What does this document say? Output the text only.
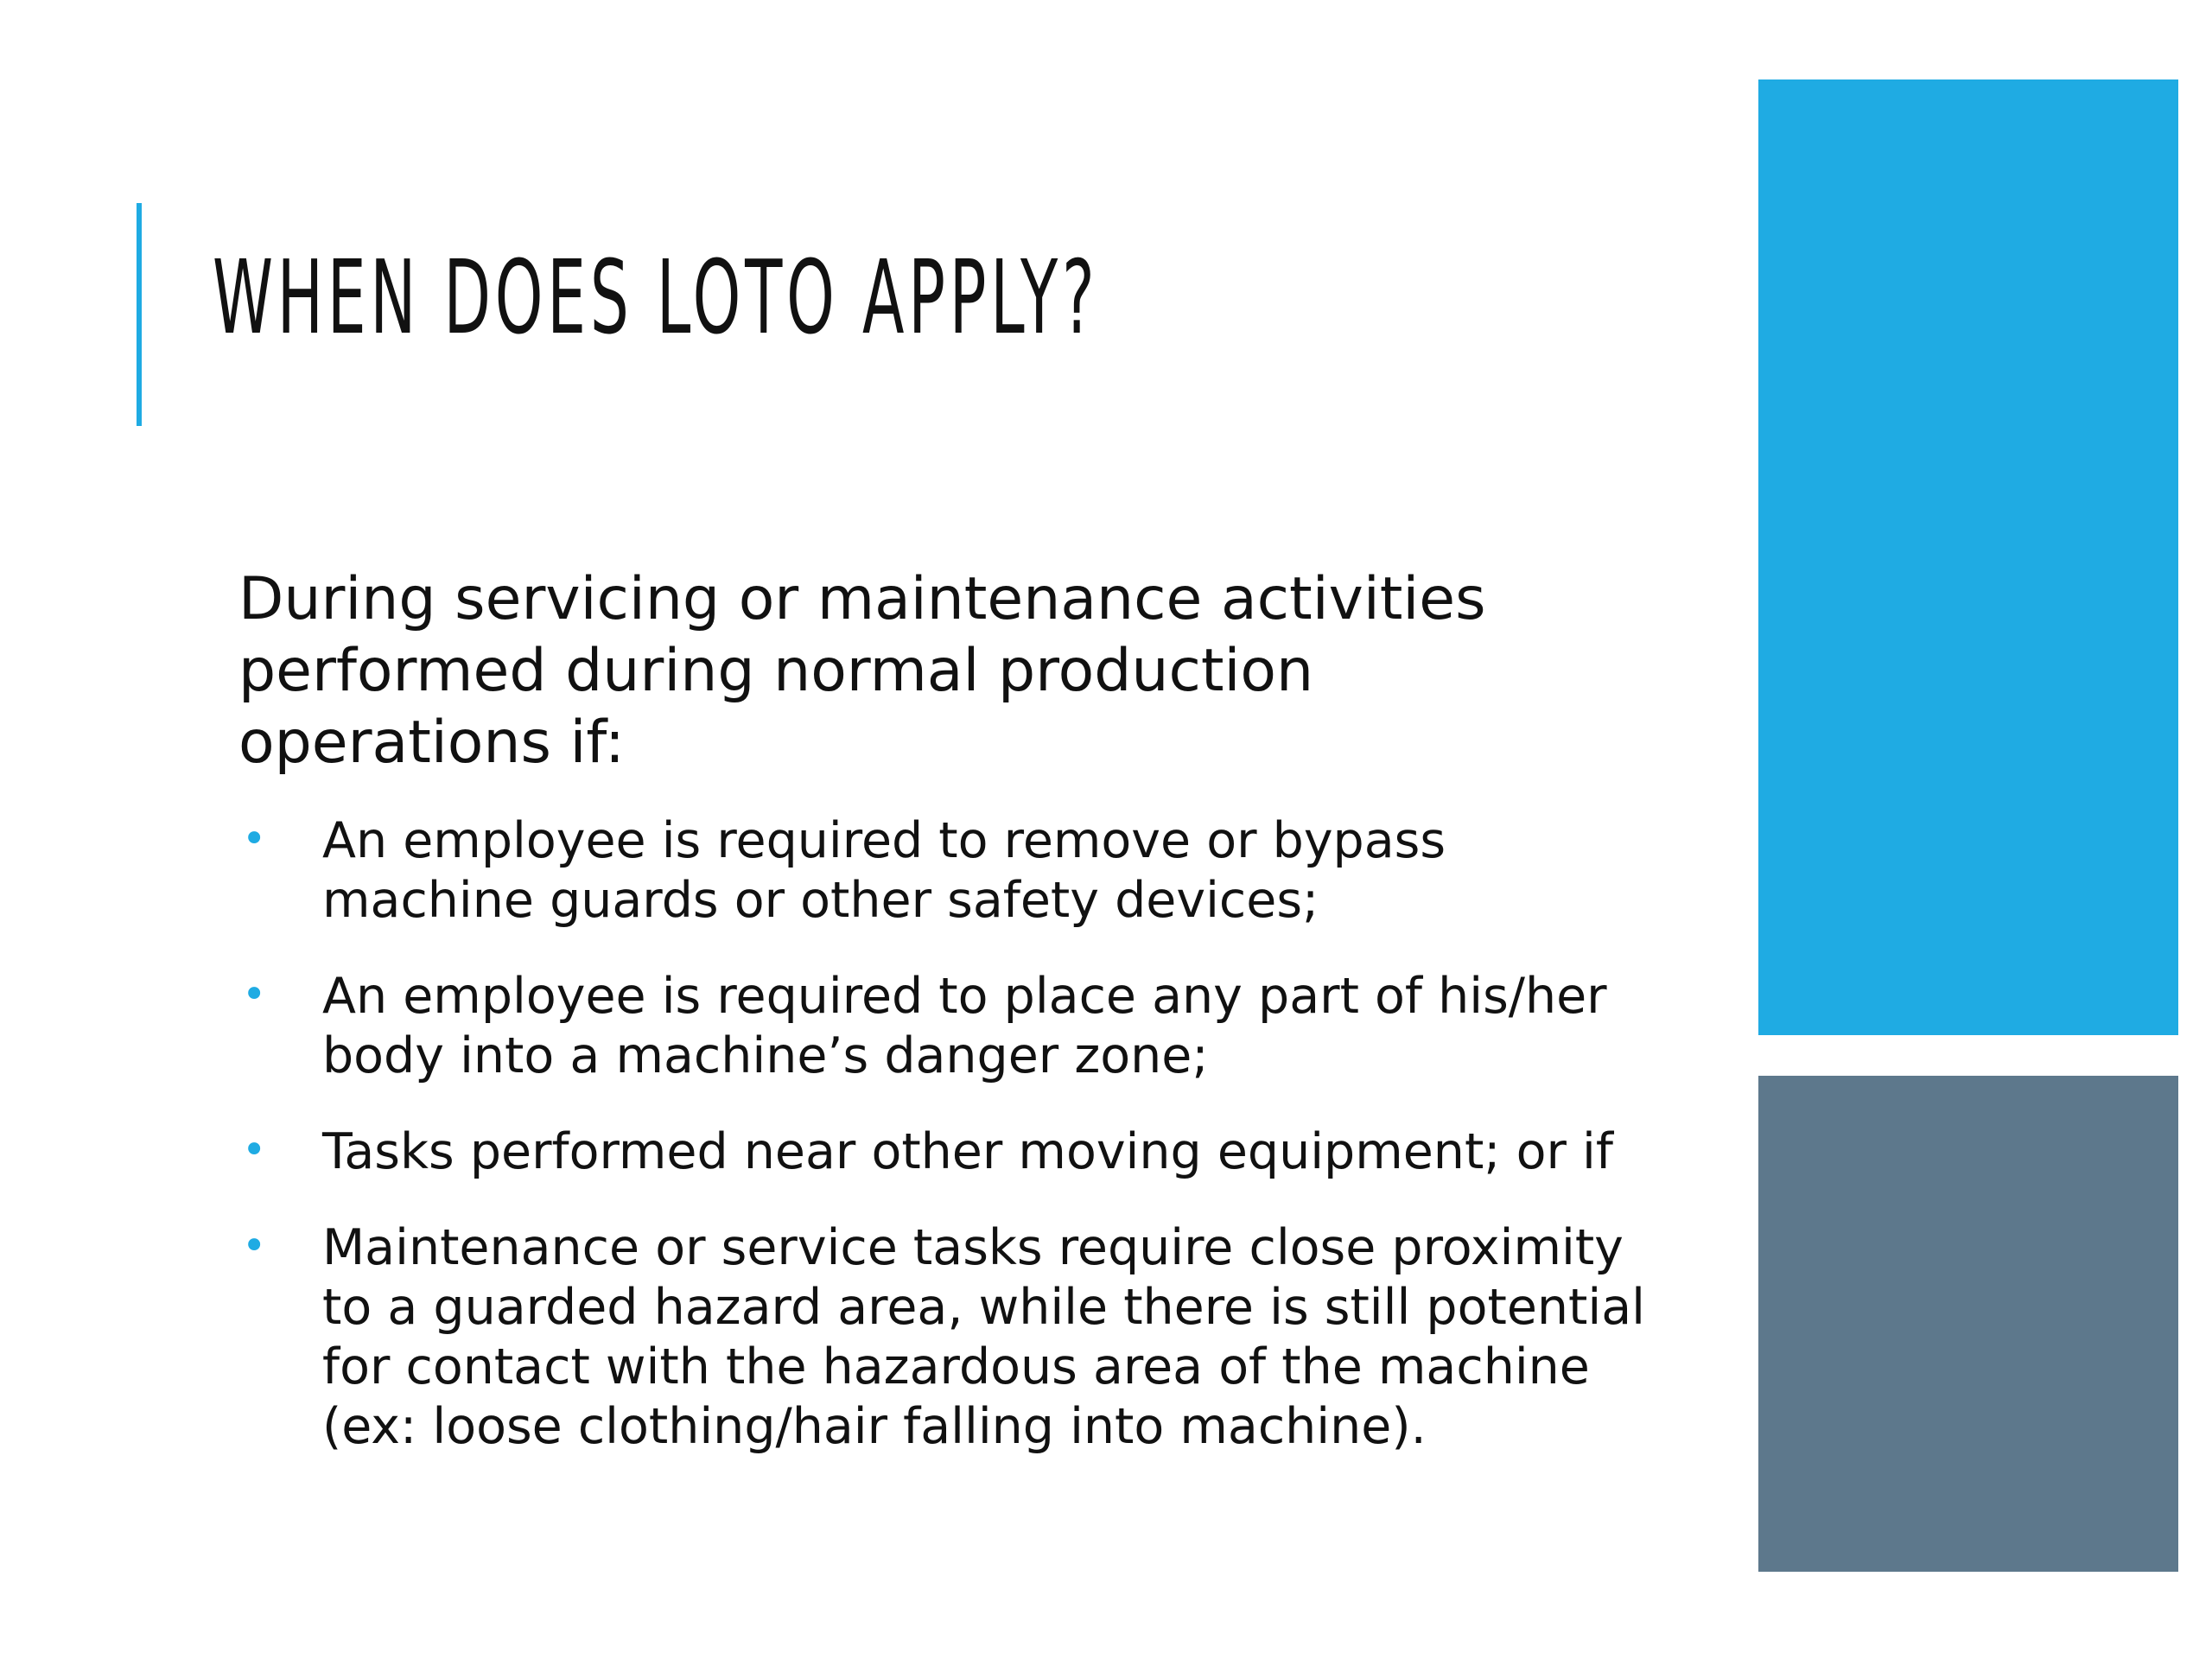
WHEN DOES LOTO APPLY?

During servicing or maintenance activities performed during normal production operations if:

• An employee is required to remove or bypass machine guards or other safety devices;
• An employee is required to place any part of his/her body into a machine’s danger zone;
• Tasks performed near other moving equipment; or if
• Maintenance or service tasks require close proximity to a guarded hazard area, while there is still potential for contact with the hazardous area of the machine (ex: loose clothing/hair falling into machine).
